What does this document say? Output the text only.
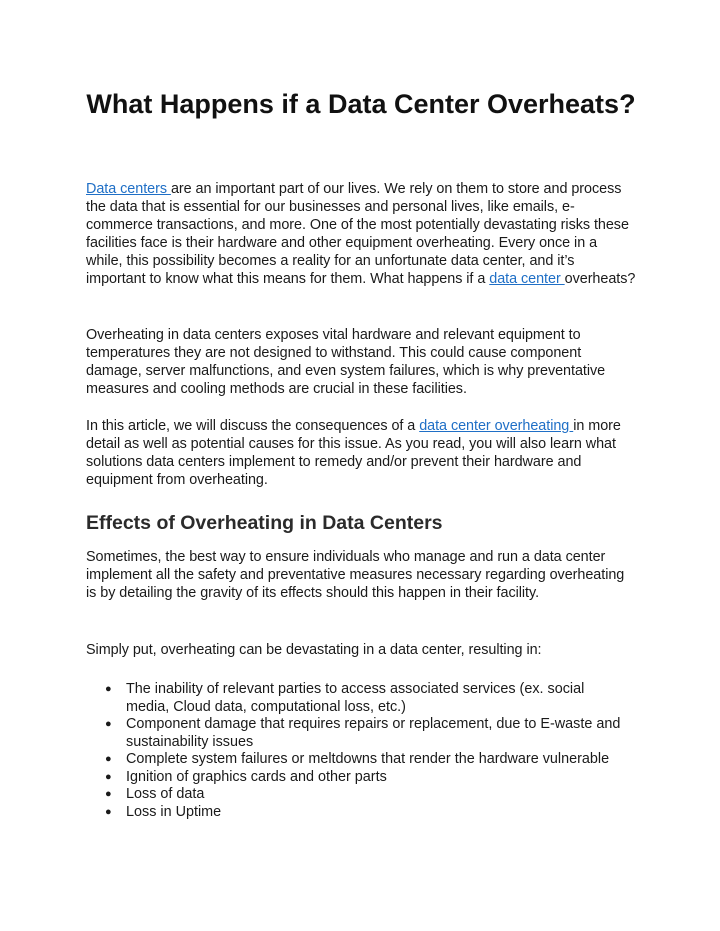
What Happens if a Data Center Overheats?

Data centers are an important part of our lives. We rely on them to store and process the data that is essential for our businesses and personal lives, like emails, e-commerce transactions, and more. One of the most potentially devastating risks these facilities face is their hardware and other equipment overheating. Every once in a while, this possibility becomes a reality for an unfortunate data center, and it’s important to know what this means for them. What happens if a data center overheats?

Overheating in data centers exposes vital hardware and relevant equipment to temperatures they are not designed to withstand. This could cause component damage, server malfunctions, and even system failures, which is why preventative measures and cooling methods are crucial in these facilities.

In this article, we will discuss the consequences of a data center overheating in more detail as well as potential causes for this issue. As you read, you will also learn what solutions data centers implement to remedy and/or prevent their hardware and equipment from overheating.

Effects of Overheating in Data Centers

Sometimes, the best way to ensure individuals who manage and run a data center implement all the safety and preventative measures necessary regarding overheating is by detailing the gravity of its effects should this happen in their facility.

Simply put, overheating can be devastating in a data center, resulting in:

● The inability of relevant parties to access associated services (ex. social media, Cloud data, computational loss, etc.)
● Component damage that requires repairs or replacement, due to E-waste and sustainability issues
● Complete system failures or meltdowns that render the hardware vulnerable
● Ignition of graphics cards and other parts
● Loss of data
● Loss in Uptime
